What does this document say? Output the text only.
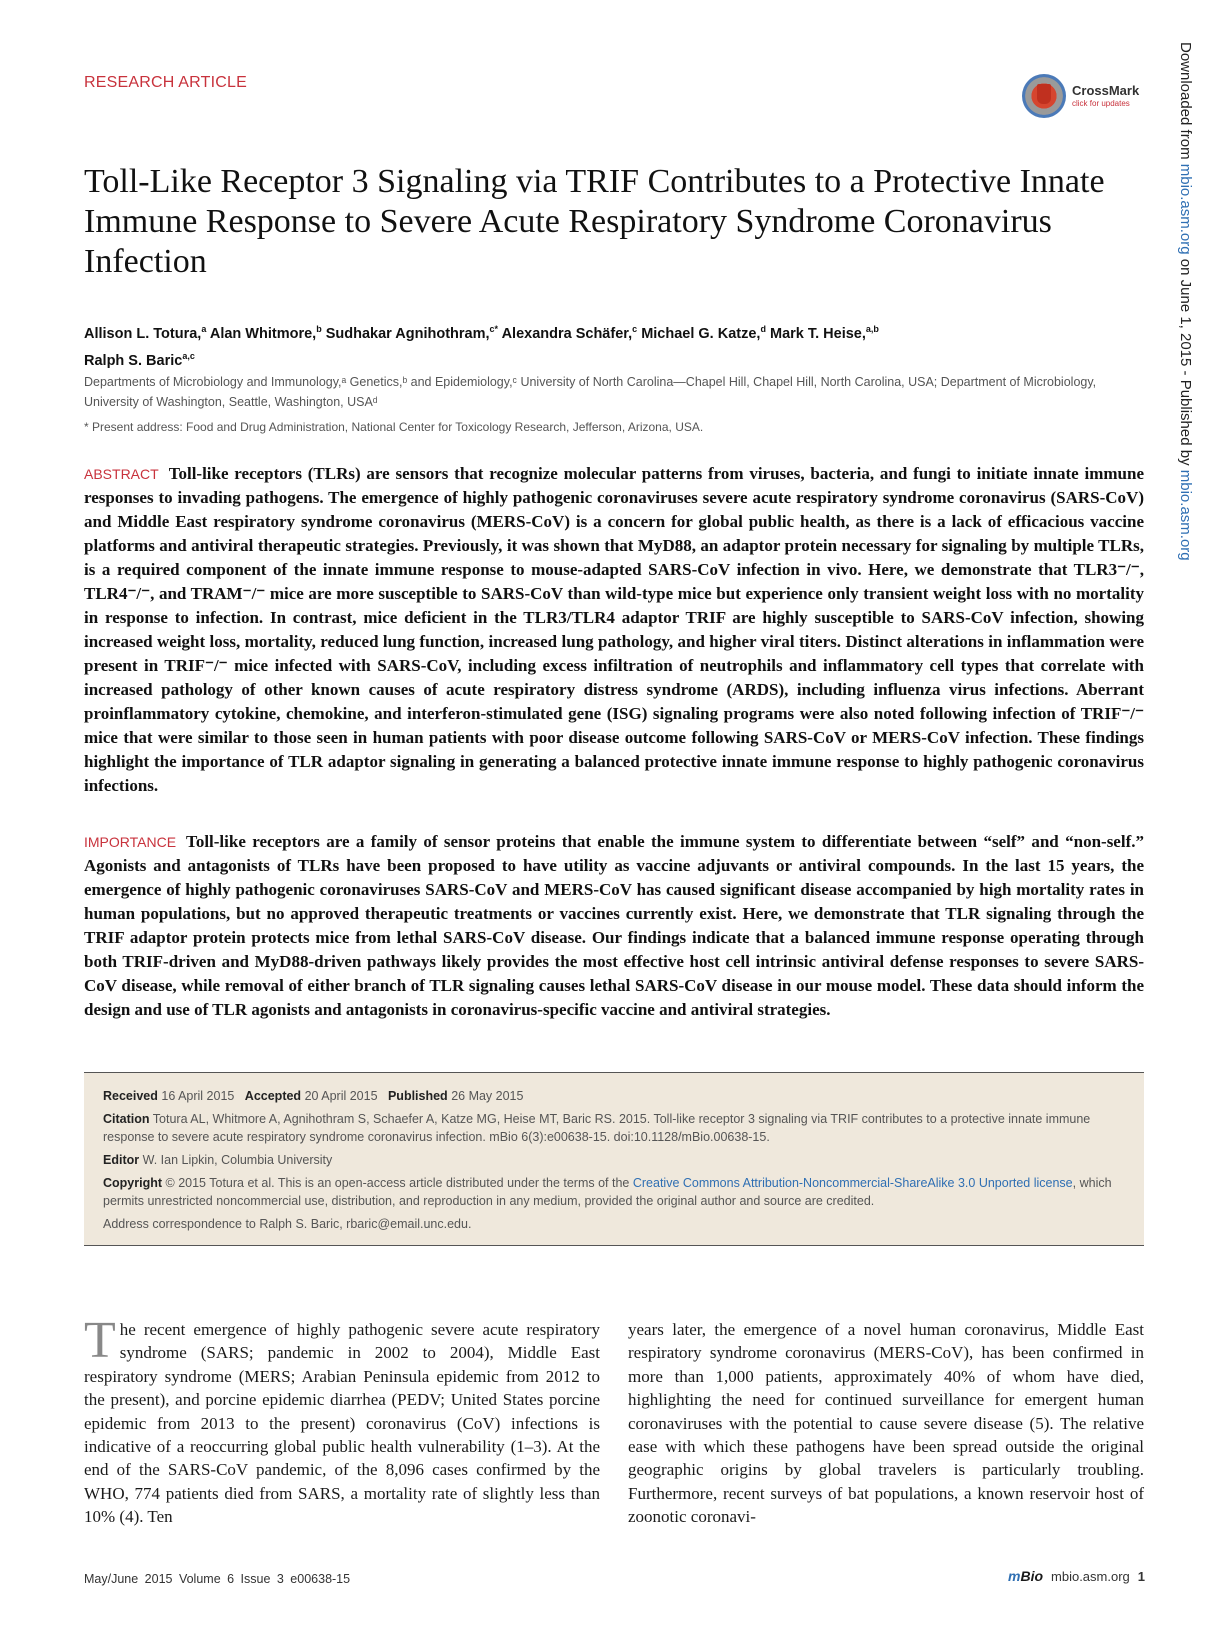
RESEARCH ARTICLE	CrossMark
click for updates	Downloaded from mbio.asm.org on June 1, 2015 - Published by mbio.asm.org
Toll-Like Receptor 3 Signaling via TRIF Contributes to a Protective Innate Immune Response to Severe Acute Respiratory Syndrome Coronavirus Infection
Allison L. Totura,$^a$ Alan Whitmore,$^b$ Sudhakar Agnihothram,$^{c*}$ Alexandra Schäfer,$^c$ Michael G. Katze,$^d$ Mark T. Heise,$^{a,b}$
Ralph S. Baric$^{a,c}$
Departments of Microbiology and Immunology,ᵃ Genetics,ᵇ and Epidemiology,ᶜ University of North Carolina—Chapel Hill, Chapel Hill, North Carolina, USA; Department of Microbiology, University of Washington, Seattle, Washington, USAᵈ
* Present address: Food and Drug Administration, National Center for Toxicology Research, Jefferson, Arizona, USA.

ABSTRACT Toll-like receptors (TLRs) are sensors that recognize molecular patterns from viruses, bacteria, and fungi to initiate innate immune responses to invading pathogens. The emergence of highly pathogenic coronaviruses severe acute respiratory syndrome coronavirus (SARS-CoV) and Middle East respiratory syndrome coronavirus (MERS-CoV) is a concern for global public health, as there is a lack of efficacious vaccine platforms and antiviral therapeutic strategies. Previously, it was shown that MyD88, an adaptor protein necessary for signaling by multiple TLRs, is a required component of the innate immune response to mouse-adapted SARS-CoV infection in vivo. Here, we demonstrate that TLR3⁻/⁻, TLR4⁻/⁻, and TRAM⁻/⁻ mice are more susceptible to SARS-CoV than wild-type mice but experience only transient weight loss with no mortality in response to infection. In contrast, mice deficient in the TLR3/TLR4 adaptor TRIF are highly susceptible to SARS-CoV infection, showing increased weight loss, mortality, reduced lung function, increased lung pathology, and higher viral titers. Distinct alterations in inflammation were present in TRIF⁻/⁻ mice infected with SARS-CoV, including excess infiltration of neutrophils and inflammatory cell types that correlate with increased pathology of other known causes of acute respiratory distress syndrome (ARDS), including influenza virus infections. Aberrant proinflammatory cytokine, chemokine, and interferon-stimulated gene (ISG) signaling programs were also noted following infection of TRIF⁻/⁻ mice that were similar to those seen in human patients with poor disease outcome following SARS-CoV or MERS-CoV infection. These findings highlight the importance of TLR adaptor signaling in generating a balanced protective innate immune response to highly pathogenic coronavirus infections.

IMPORTANCE Toll-like receptors are a family of sensor proteins that enable the immune system to differentiate between “self” and “non-self.” Agonists and antagonists of TLRs have been proposed to have utility as vaccine adjuvants or antiviral compounds. In the last 15 years, the emergence of highly pathogenic coronaviruses SARS-CoV and MERS-CoV has caused significant disease accompanied by high mortality rates in human populations, but no approved therapeutic treatments or vaccines currently exist. Here, we demonstrate that TLR signaling through the TRIF adaptor protein protects mice from lethal SARS-CoV disease. Our findings indicate that a balanced immune response operating through both TRIF-driven and MyD88-driven pathways likely provides the most effective host cell intrinsic antiviral defense responses to severe SARS-CoV disease, while removal of either branch of TLR signaling causes lethal SARS-CoV disease in our mouse model. These data should inform the design and use of TLR agonists and antagonists in coronavirus-specific vaccine and antiviral strategies.

Received 16 April 2015 Accepted 20 April 2015 Published 26 May 2015
Citation Totura AL, Whitmore A, Agnihothram S, Schaefer A, Katze MG, Heise MT, Baric RS. 2015. Toll-like receptor 3 signaling via TRIF contributes to a protective innate immune response to severe acute respiratory syndrome coronavirus infection. mBio 6(3):e00638-15. doi:10.1128/mBio.00638-15.
Editor W. Ian Lipkin, Columbia University
Copyright © 2015 Totura et al. This is an open-access article distributed under the terms of the Creative Commons Attribution-Noncommercial-ShareAlike 3.0 Unported license, which permits unrestricted noncommercial use, distribution, and reproduction in any medium, provided the original author and source are credited.
Address correspondence to Ralph S. Baric, rbaric@email.unc.edu.

The recent emergence of highly pathogenic severe acute respiratory syndrome (SARS; pandemic in 2002 to 2004), Middle East respiratory syndrome (MERS; Arabian Peninsula epidemic from 2012 to the present), and porcine epidemic diarrhea (PEDV; United States porcine epidemic from 2013 to the present) coronavirus (CoV) infections is indicative of a reoccurring global public health vulnerability (1–3). At the end of the SARS-CoV pandemic, of the 8,096 cases confirmed by the WHO, 774 patients died from SARS, a mortality rate of slightly less than 10% (4). Ten

years later, the emergence of a novel human coronavirus, Middle East respiratory syndrome coronavirus (MERS-CoV), has been confirmed in more than 1,000 patients, approximately 40% of whom have died, highlighting the need for continued surveillance for emergent human coronaviruses with the potential to cause severe disease (5). The relative ease with which these pathogens have been spread outside the original geographic origins by global travelers is particularly troubling. Furthermore, recent surveys of bat populations, a known reservoir host of zoonotic coronavi-

May/June 2015 Volume 6 Issue 3 e00638-15	mBio mbio.asm.org 1
